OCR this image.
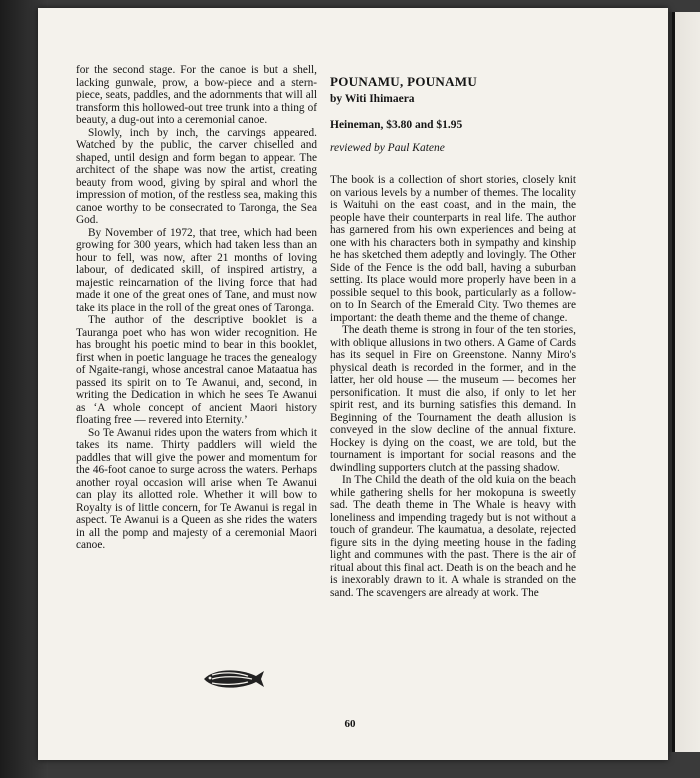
for the second stage. For the canoe is but a shell, lacking gunwale, prow, a bow-piece and a stern-piece, seats, paddles, and the adornments that will all transform this hollowed-out tree trunk into a thing of beauty, a dug-out into a ceremonial canoe.

Slowly, inch by inch, the carvings appeared. Watched by the public, the carver chiselled and shaped, until design and form began to appear. The architect of the shape was now the artist, creating beauty from wood, giving by spiral and whorl the impression of motion, of the restless sea, making this canoe worthy to be consecrated to Taronga, the Sea God.

By November of 1972, that tree, which had been growing for 300 years, which had taken less than an hour to fell, was now, after 21 months of loving labour, of dedicated skill, of inspired artistry, a majestic reincarnation of the living force that had made it one of the great ones of Tane, and must now take its place in the roll of the great ones of Taronga.

The author of the descriptive booklet is a Tauranga poet who has won wider recognition. He has brought his poetic mind to bear in this booklet, first when in poetic language he traces the genealogy of Ngaite-rangi, whose ancestral canoe Mataatua has passed its spirit on to Te Awanui, and, second, in writing the Dedication in which he sees Te Awanui as ‘A whole concept of ancient Maori history floating free — revered into Eternity.’

So Te Awanui rides upon the waters from which it takes its name. Thirty paddlers will wield the paddles that will give the power and momentum for the 46-foot canoe to surge across the waters. Perhaps another royal occasion will arise when Te Awanui can play its allotted role. Whether it will bow to Royalty is of little concern, for Te Awanui is regal in aspect. Te Awanui is a Queen as she rides the waters in all the pomp and majesty of a ceremonial Maori canoe.

POUNAMU, POUNAMU
by Witi Ihimaera
Heineman, $3.80 and $1.95
reviewed by Paul Katene

The book is a collection of short stories, closely knit on various levels by a number of themes. The locality is Waituhi on the east coast, and in the main, the people have their counterparts in real life. The author has garnered from his own experiences and being at one with his characters both in sympathy and kinship he has sketched them adeptly and lovingly. The Other Side of the Fence is the odd ball, having a suburban setting. Its place would more properly have been in a possible sequel to this book, particularly as a follow-on to In Search of the Emerald City. Two themes are important: the death theme and the theme of change.

The death theme is strong in four of the ten stories, with oblique allusions in two others. A Game of Cards has its sequel in Fire on Greenstone. Nanny Miro's physical death is recorded in the former, and in the latter, her old house — the museum — becomes her personification. It must die also, if only to let her spirit rest, and its burning satisfies this demand. In Beginning of the Tournament the death allusion is conveyed in the slow decline of the annual fixture. Hockey is dying on the coast, we are told, but the tournament is important for social reasons and the dwindling supporters clutch at the passing shadow.

In The Child the death of the old kuia on the beach while gathering shells for her mokopuna is sweetly sad. The death theme in The Whale is heavy with loneliness and impending tragedy but is not without a touch of grandeur. The kaumatua, a desolate, rejected figure sits in the dying meeting house in the fading light and communes with the past. There is the air of ritual about this final act. Death is on the beach and he is inexorably drawn to it. A whale is stranded on the sand. The scavengers are already at work. The

60
